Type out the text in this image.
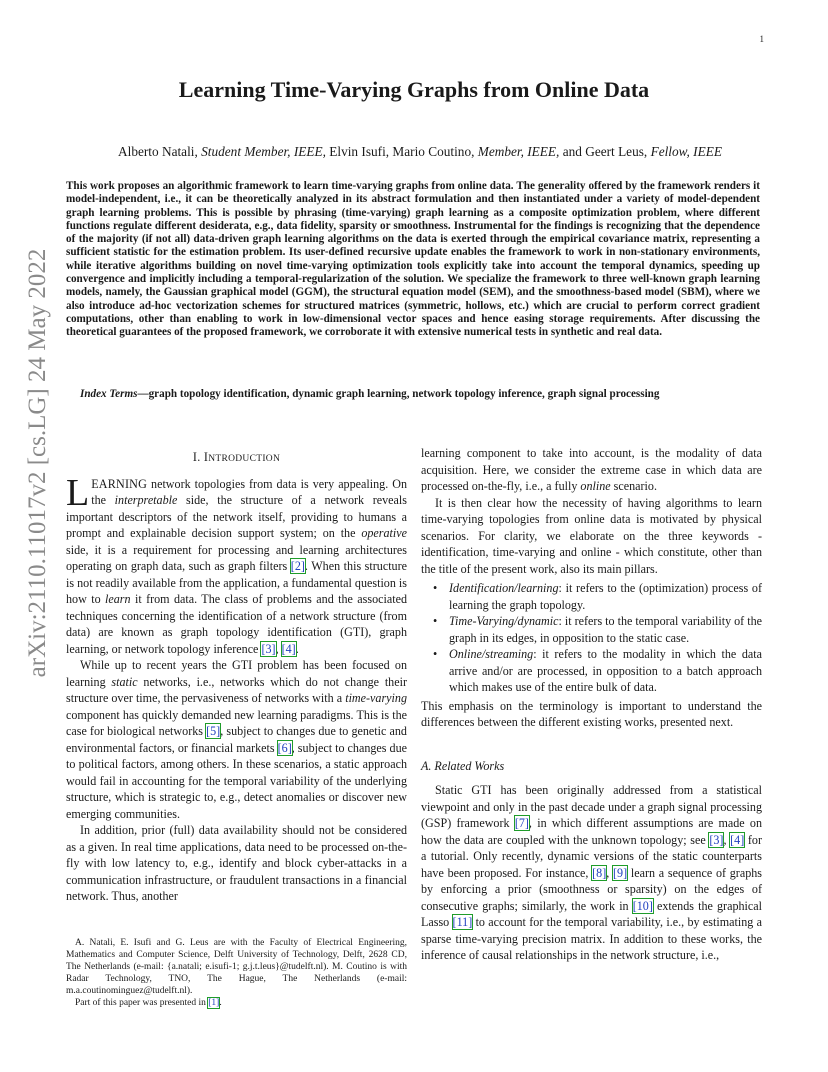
1
arXiv:2110.11017v2 [cs.LG] 24 May 2022
Learning Time-Varying Graphs from Online Data
Alberto Natali, Student Member, IEEE, Elvin Isufi, Mario Coutino, Member, IEEE, and Geert Leus, Fellow, IEEE
This work proposes an algorithmic framework to learn time-varying graphs from online data. The generality offered by the framework renders it model-independent, i.e., it can be theoretically analyzed in its abstract formulation and then instantiated under a variety of model-dependent graph learning problems. This is possible by phrasing (time-varying) graph learning as a composite optimization problem, where different functions regulate different desiderata, e.g., data fidelity, sparsity or smoothness. Instrumental for the findings is recognizing that the dependence of the majority (if not all) data-driven graph learning algorithms on the data is exerted through the empirical covariance matrix, representing a sufficient statistic for the estimation problem. Its user-defined recursive update enables the framework to work in non-stationary environments, while iterative algorithms building on novel time-varying optimization tools explicitly take into account the temporal dynamics, speeding up convergence and implicitly including a temporal-regularization of the solution. We specialize the framework to three well-known graph learning models, namely, the Gaussian graphical model (GGM), the structural equation model (SEM), and the smoothness-based model (SBM), where we also introduce ad-hoc vectorization schemes for structured matrices (symmetric, hollows, etc.) which are crucial to perform correct gradient computations, other than enabling to work in low-dimensional vector spaces and hence easing storage requirements. After discussing the theoretical guarantees of the proposed framework, we corroborate it with extensive numerical tests in synthetic and real data.
Index Terms—graph topology identification, dynamic graph learning, network topology inference, graph signal processing
I. INTRODUCTION

LEARNING network topologies from data is very appealing. On the interpretable side, the structure of a network reveals important descriptors of the network itself, providing to humans a prompt and explainable decision support system; on the operative side, it is a requirement for processing and learning architectures operating on graph data, such as graph filters [2]. When this structure is not readily available from the application, a fundamental question is how to learn it from data. The class of problems and the associated techniques concerning the identification of a network structure (from data) are known as graph topology identification (GTI), graph learning, or network topology inference [3], [4].

While up to recent years the GTI problem has been focused on learning static networks, i.e., networks which do not change their structure over time, the pervasiveness of networks with a time-varying component has quickly demanded new learning paradigms. This is the case for biological networks [5], subject to changes due to genetic and environmental factors, or financial markets [6], subject to changes due to political factors, among others. In these scenarios, a static approach would fail in accounting for the temporal variability of the underlying structure, which is strategic to, e.g., detect anomalies or discover new emerging communities.

In addition, prior (full) data availability should not be considered as a given. In real time applications, data need to be processed on-the-fly with low latency to, e.g., identify and block cyber-attacks in a communication infrastructure, or fraudulent transactions in a financial network. Thus, another

A. Natali, E. Isufi and G. Leus are with the Faculty of Electrical Engineering, Mathematics and Computer Science, Delft University of Technology, Delft, 2628 CD, The Netherlands (e-mail: {a.natali; e.isufi-1; g.j.t.leus}@tudelft.nl). M. Coutino is with Radar Technology, TNO, The Hague, The Netherlands (e-mail: m.a.coutinominguez@tudelft.nl).

Part of this paper was presented in [1].

learning component to take into account, is the modality of data acquisition. Here, we consider the extreme case in which data are processed on-the-fly, i.e., a fully online scenario.

It is then clear how the necessity of having algorithms to learn time-varying topologies from online data is motivated by physical scenarios. For clarity, we elaborate on the three keywords - identification, time-varying and online - which constitute, other than the title of the present work, also its main pillars.

• Identification/learning: it refers to the (optimization) process of learning the graph topology.
• Time-Varying/dynamic: it refers to the temporal variability of the graph in its edges, in opposition to the static case.
• Online/streaming: it refers to the modality in which the data arrive and/or are processed, in opposition to a batch approach which makes use of the entire bulk of data.

This emphasis on the terminology is important to understand the differences between the different existing works, presented next.

A. Related Works

Static GTI has been originally addressed from a statistical viewpoint and only in the past decade under a graph signal processing (GSP) framework [7], in which different assumptions are made on how the data are coupled with the unknown topology; see [3], [4] for a tutorial. Only recently, dynamic versions of the static counterparts have been proposed. For instance, [8], [9] learn a sequence of graphs by enforcing a prior (smoothness or sparsity) on the edges of consecutive graphs; similarly, the work in [10] extends the graphical Lasso [11] to account for the temporal variability, i.e., by estimating a sparse time-varying precision matrix. In addition to these works, the inference of causal relationships in the network structure, i.e.,
